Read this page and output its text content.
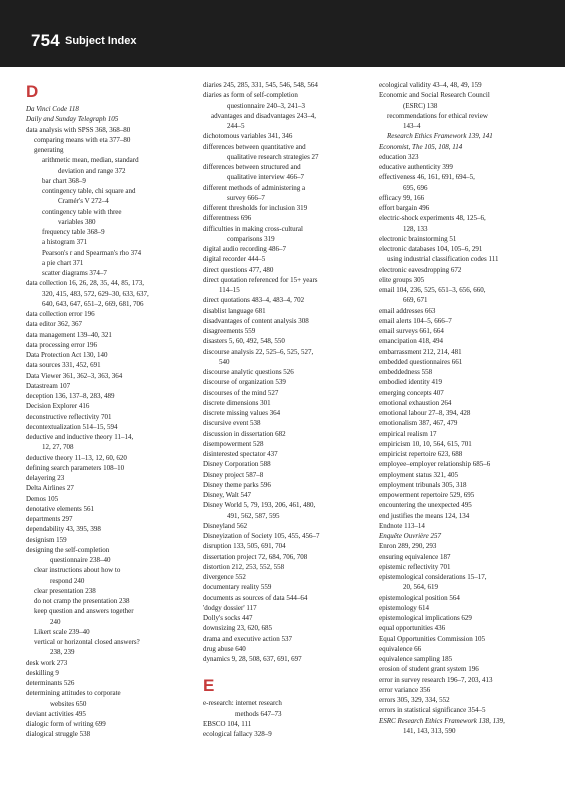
754 Subject Index
D
Da Vinci Code 118
Daily and Sunday Telegraph 105
data analysis with SPSS 368, 368–80
comparing means with eta 377–80
generating
arithmetic mean, median, standard
deviation and range 372
bar chart 368–9
contingency table, chi square and
Cramér's V 272–4
contingency table with three
variables 380
frequency table 368–9
a histogram 371
Pearson's r and Spearman's rho 374
a pie chart 371
scatter diagrams 374–7
data collection 16, 26, 28, 35, 44, 85, 173,
320, 415, 483, 572, 629–30, 633, 637,
640, 643, 647, 651–2, 669, 681, 706
data collection error 196
data editor 362, 367
data management 139–40, 321
data processing error 196
Data Protection Act 130, 140
data sources 331, 452, 691
Data Viewer 361, 362–3, 363, 364
Datastream 107
deception 136, 137–8, 283, 489
Decision Explorer 416
deconstructive reflectivity 701
decontextualization 514–15, 594
deductive and inductive theory 11–14,
12, 27, 708
deductive theory 11–13, 12, 60, 620
defining search parameters 108–10
delayering 23
Delta Airlines 27
Demos 105
denotative elements 561
departments 297
dependability 43, 395, 398
designism 159
designing the self-completion
questionnaire 238–40
clear instructions about how to
respond 240
clear presentation 238
do not cramp the presentation 238
keep question and answers together
240
Likert scale 239–40
vertical or horizontal closed answers?
238, 239
desk work 273
deskilling 9
determinants 526
determining attitudes to corporate
websites 650
deviant activities 495
dialogic form of writing 699
dialogical struggle 538
diaries 245, 285, 331, 545, 546, 548, 564
diaries as form of self-completion
questionnaire 240–3, 241–3
advantages and disadvantages 243–4,
244–5
dichotomous variables 341, 346
differences between quantitative and
qualitative research strategies 27
differences between structured and
qualitative interview 466–7
different methods of administering a
survey 666–7
different thresholds for inclusion 319
differentness 696
difficulties in making cross-cultural
comparisons 319
digital audio recording 486–7
digital recorder 444–5
direct questions 477, 480
direct quotation referenced for 15+ years
114–15
direct quotations 483–4, 483–4, 702
disablist language 681
disadvantages of content analysis 308
disagreements 559
disasters 5, 60, 492, 548, 550
discourse analysis 22, 525–6, 525, 527,
540
discourse analytic questions 526
discourse of organization 539
discourses of the mind 527
discrete dimensions 301
discrete missing values 364
discursive event 538
discussion in dissertation 682
disempowerment 528
disinterested spectator 437
Disney Corporation 588
Disney project 587–8
Disney theme parks 596
Disney, Walt 547
Disney World 5, 79, 193, 206, 461, 480,
491, 562, 587, 595
Disneyland 562
Disneyization of Society 105, 455, 456–7
disruption 133, 505, 691, 704
dissertation project 72, 684, 706, 708
distortion 212, 253, 552, 558
divergence 552
documentary reality 559
documents as sources of data 544–64
'dodgy dossier' 117
Dolly's socks 447
downsizing 23, 620, 685
drama and executive action 537
drug abuse 640
dynamics 9, 28, 508, 637, 691, 697
E
e-research: internet research
methods 647–73
EBSCO 104, 111
ecological fallacy 328–9
ecological validity 43–4, 48, 49, 159
Economic and Social Research Council
(ESRC) 138
recommendations for ethical review
143–4
Research Ethics Framework 139, 141
Economist, The 105, 108, 114
education 323
educative authenticity 399
effectiveness 46, 161, 691, 694–5,
695, 696
efficacy 99, 166
effort bargain 496
electric-shock experiments 48, 125–6,
128, 133
electronic brainstorming 51
electronic databases 104, 105–6, 291
using industrial classification codes 111
electronic eavesdropping 672
elite groups 305
email 104, 236, 525, 651–3, 656, 660,
669, 671
email addresses 663
email alerts 104–5, 666–7
email surveys 661, 664
emancipation 418, 494
embarrassment 212, 214, 481
embedded questionnaires 661
embeddedness 558
embodied identity 419
emerging concepts 407
emotional exhaustion 264
emotional labour 27–8, 394, 428
emotionalism 387, 467, 479
empirical realism 17
empiricism 10, 10, 564, 615, 701
empiricist repertoire 623, 688
employee–employer relationship 685–6
employment status 321, 405
employment tribunals 305, 318
empowerment repertoire 529, 695
encountering the unexpected 495
end justifies the means 124, 134
Endnote 113–14
Enquête Ouvrière 257
Enron 289, 290, 293
ensuring equivalence 187
epistemic reflectivity 701
epistemological considerations 15–17,
20, 564, 619
epistemological position 564
epistemology 614
epistemological implications 629
equal opportunities 436
Equal Opportunities Commission 105
equivalence 66
equivalence sampling 185
erosion of student grant system 196
error in survey research 196–7, 203, 413
error variance 356
errors 305, 329, 334, 552
errors in statistical significance 354–5
ESRC Research Ethics Framework 138, 139,
141, 143, 313, 590
